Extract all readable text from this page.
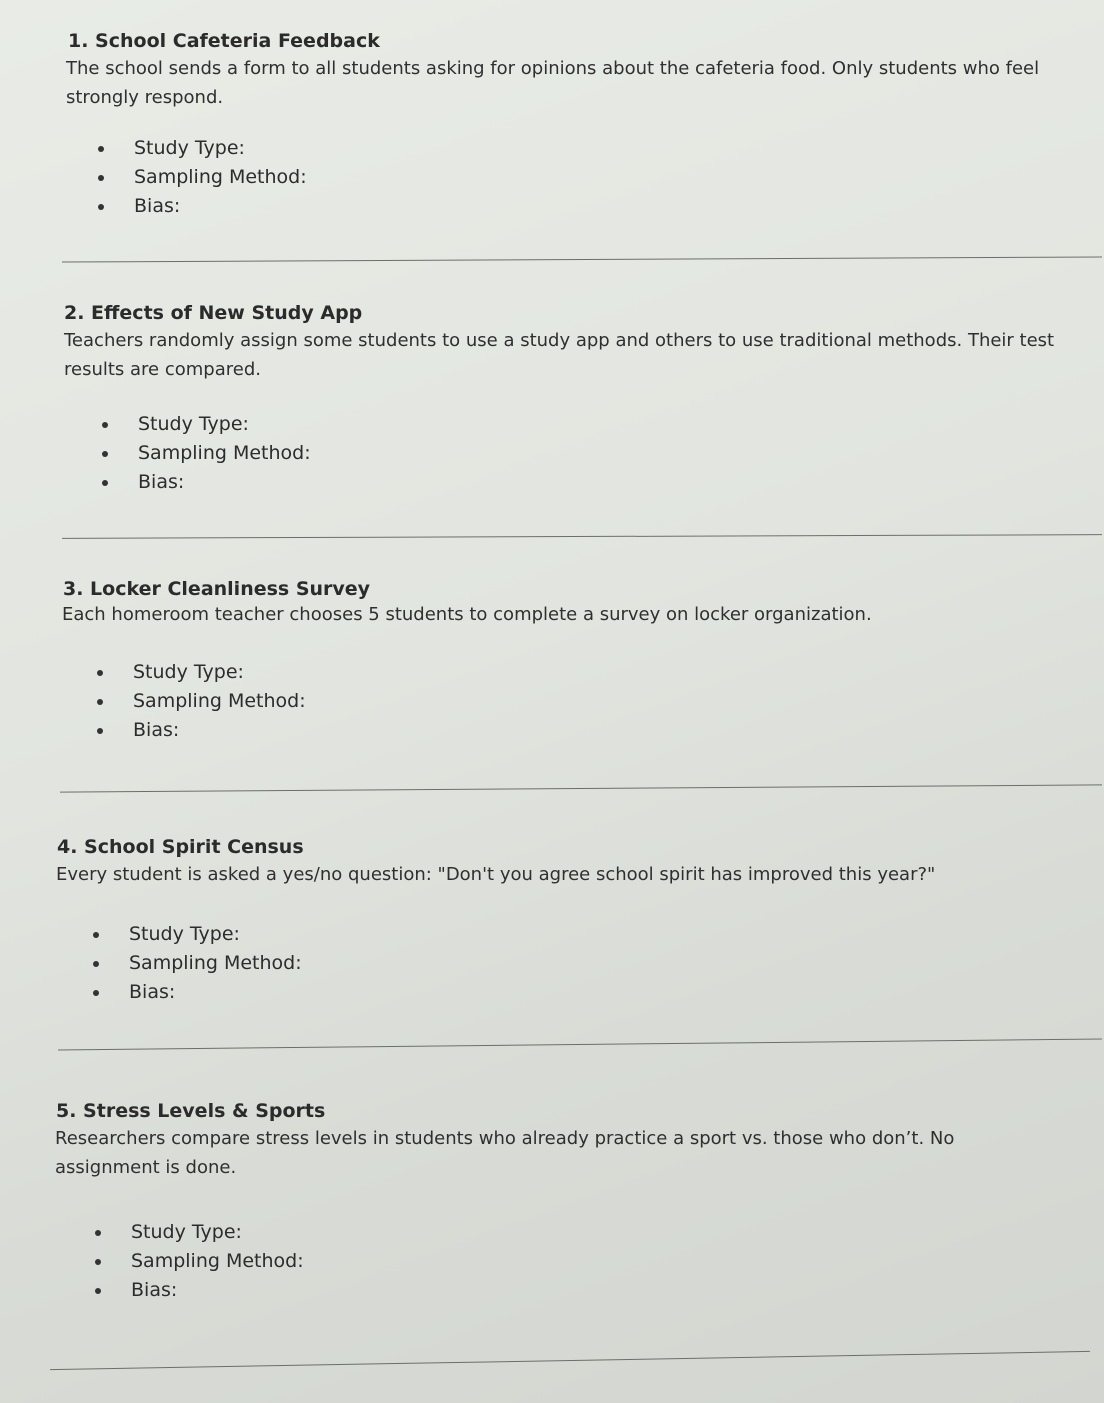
1. School Cafeteria Feedback
The school sends a form to all students asking for opinions about the cafeteria food. Only students who feel strongly respond.
Study Type:
Sampling Method:
Bias:
2. Effects of New Study App
Teachers randomly assign some students to use a study app and others to use traditional methods. Their test results are compared.
Study Type:
Sampling Method:
Bias:
3. Locker Cleanliness Survey
Each homeroom teacher chooses 5 students to complete a survey on locker organization.
Study Type:
Sampling Method:
Bias:
4. School Spirit Census
Every student is asked a yes/no question: "Don't you agree school spirit has improved this year?"
Study Type:
Sampling Method:
Bias:
5. Stress Levels & Sports
Researchers compare stress levels in students who already practice a sport vs. those who don’t. No assignment is done.
Study Type:
Sampling Method:
Bias:
